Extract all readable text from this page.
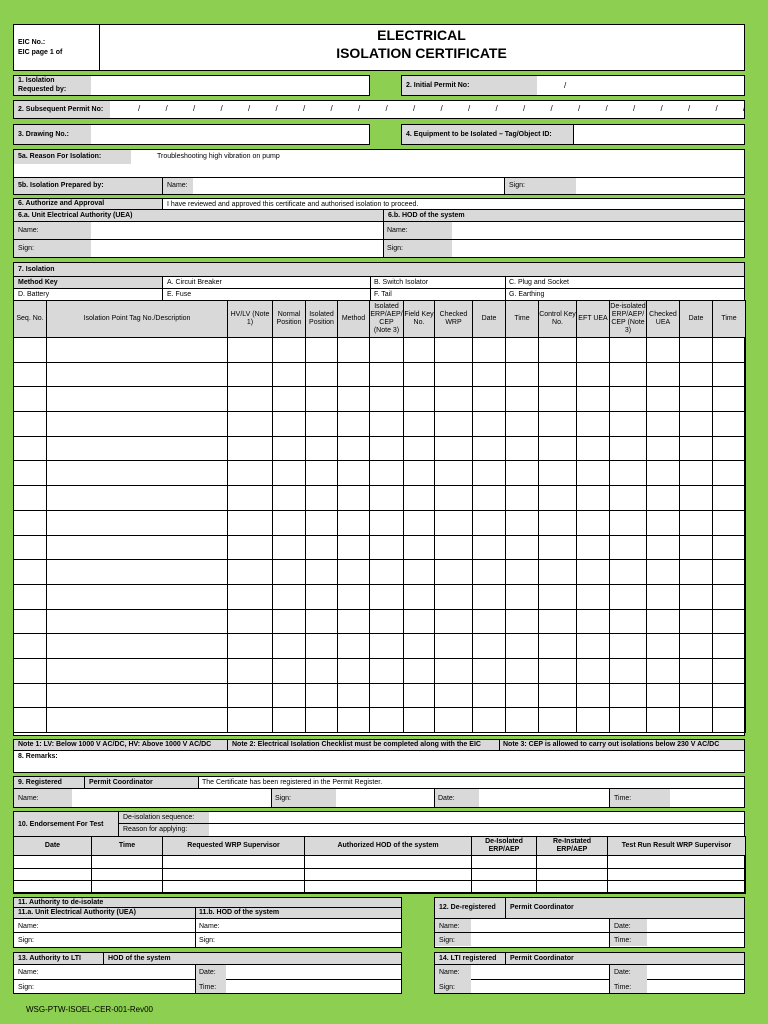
EIC No.:
EIC page 1 of
ELECTRICAL
ISOLATION CERTIFICATE
1. Isolation
Requested by:
2. Initial Permit No:	/
2. Subsequent Permit No:	/	/	/	/	/	/	/	/	/	/	/	/	/	/	/	/	/	/	/	/	/	/	/
3. Drawing No.:	4. Equipment to be Isolated – Tag/Object ID:
5a. Reason For Isolation:	Troubleshooting high vibration on pump
5b. Isolation Prepared by:	Name:	Sign:
6. Authorize and Approval	I have reviewed and approved this certificate and authorised isolation to proceed.
6.a. Unit Electrical Authority (UEA)	6.b. HOD of the system
Name:
Sign:
Name:
Sign:
7. Isolation
Method Key	A. Circuit Breaker	B. Switch Isolator	C. Plug and Socket
D. Battery	E. Fuse	F. Tail	G. Earthing
Seq. No.	Isolation Point Tag No./Description	HV/LV (Note 1)	Normal Position	Isolated Position	Method	Isolated ERP/AEP/ CEP (Note 3)	Field Key No.	Checked WRP	Date	Time	Control Key No.	EFT UEA	De-isolated ERP/AEP/ CEP (Note 3)	Checked UEA	Date	Time

Note 1: LV: Below 1000 V AC/DC, HV: Above 1000 V AC/DC	Note 2: Electrical Isolation Checklist must be completed along with the EIC	Note 3: CEP is allowed to carry out isolations below 230 V AC/DC
8. Remarks:
9. Registered	Permit Coordinator	The Certificate has been registered in the Permit Register.
Name:	Sign:	Date:	Time:
10. Endorsement For Test
De-isolation sequence:
Reason for applying:
Date	Time	Requested WRP Supervisor	Authorized HOD of the system	De-Isolated ERP/AEP	Re-Instated ERP/AEP	Test Run Result WRP Supervisor

11. Authority to de-isolate
11.a. Unit Electrical Authority (UEA)	11.b. HOD of the system
Name:
Sign:
Name:
Sign:
12. De-registered Permit Coordinator
Name:
Sign:
Date:
Time:
13. Authority to LTI	HOD of the system
Name:
Sign:
Date:
Time:
14. LTI registered Permit Coordinator
Name:
Sign:
Date:
Time:
WSG-PTW-ISOEL-CER-001-Rev00
